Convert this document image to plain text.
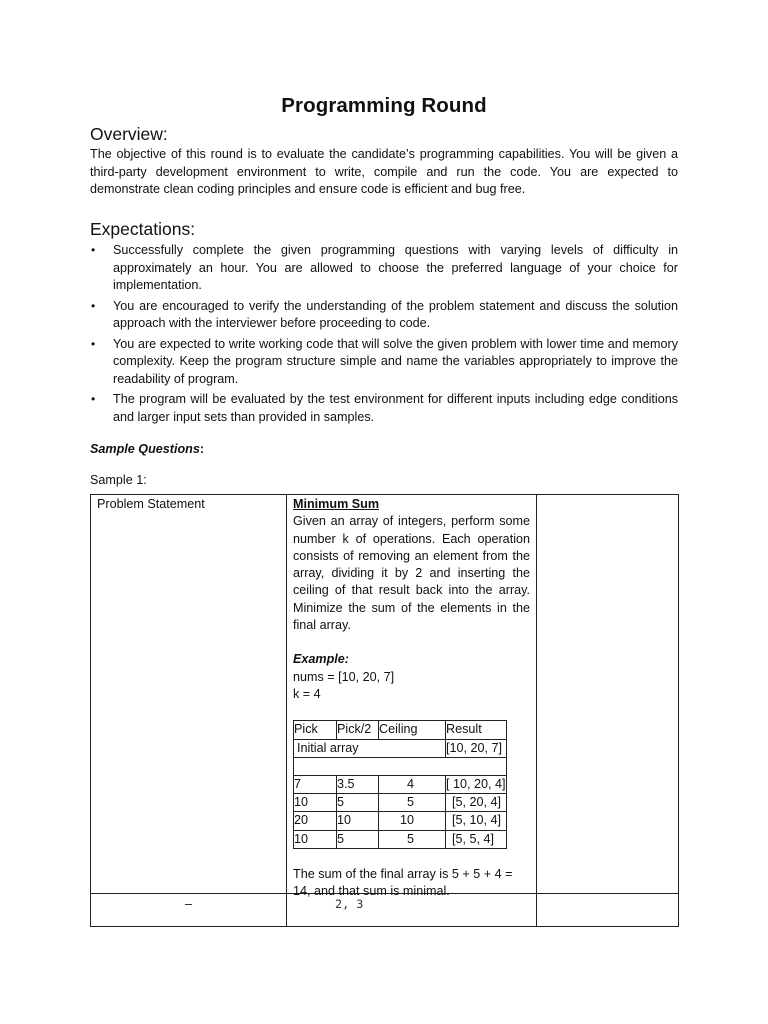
Programming Round
Overview:
The objective of this round is to evaluate the candidate’s programming capabilities. You will be given a third-party development environment to write, compile and run the code. You are expected to demonstrate clean coding principles and ensure code is efficient and bug free.
Expectations:
• Successfully complete the given programming questions with varying levels of difficulty in approximately an hour. You are allowed to choose the preferred language of your choice for implementation.
• You are encouraged to verify the understanding of the problem statement and discuss the solution approach with the interviewer before proceeding to code.
• You are expected to write working code that will solve the given problem with lower time and memory complexity. Keep the program structure simple and name the variables appropriately to improve the readability of program.
• The program will be evaluated by the test environment for different inputs including edge conditions and larger input sets than provided in samples.
Sample Questions:
Sample 1:
Problem Statement	Minimum Sum
Given an array of integers, perform some number k of operations. Each operation consists of removing an element from the array, dividing it by 2 and inserting the ceiling of that result back into the array. Minimize the sum of the elements in the final array.
Example:
nums = [10, 20, 7]
k = 4
Pick	Pick/2	Ceiling	Result
Initial array	[10, 20, 7]

7	3.5	4	[ 10, 20, 4]
10	5	5	[5, 20, 4]
20	10	10	[5, 10, 4]
10	5	5	[5, 5, 4]
The sum of the final array is 5 + 5 + 4 = 14, and that sum is minimal.

–	2, 3
